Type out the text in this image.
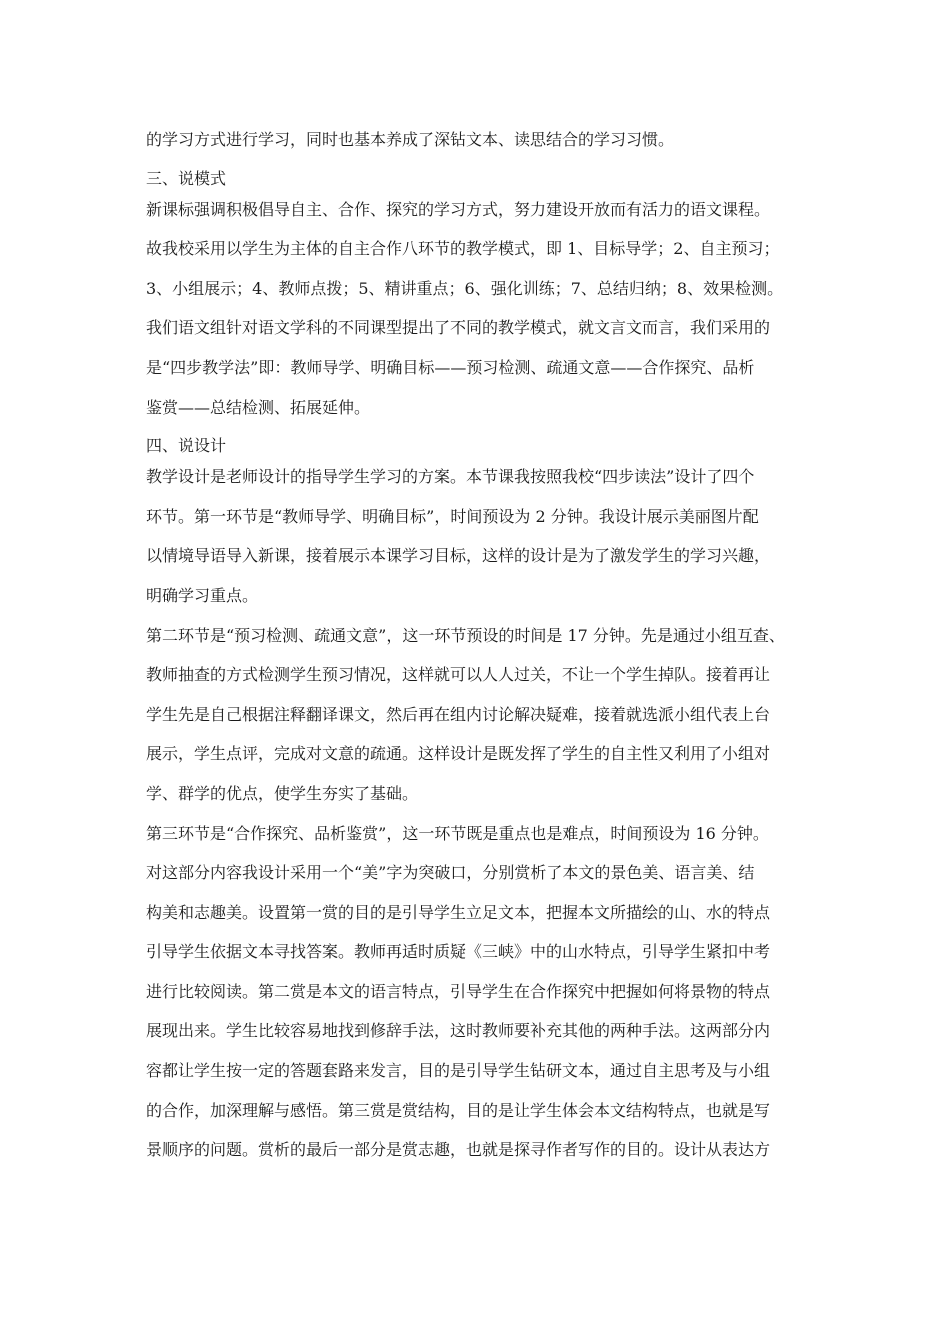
的学习方式进行学习，同时也基本养成了深钻文本、读思结合的学习习惯。
三、说模式
新课标强调积极倡导自主、合作、探究的学习方式，努力建设开放而有活力的语文课程。
故我校采用以学生为主体的自主合作八环节的教学模式，即 1、目标导学；2、自主预习；
3、小组展示；4、教师点拨；5、精讲重点；6、强化训练；7、总结归纳；8、效果检测。
我们语文组针对语文学科的不同课型提出了不同的教学模式，就文言文而言，我们采用的
是“四步教学法”即：教师导学、明确目标——预习检测、疏通文意——合作探究、品析
鉴赏——总结检测、拓展延伸。
四、说设计
教学设计是老师设计的指导学生学习的方案。本节课我按照我校“四步读法”设计了四个
环节。第一环节是“教师导学、明确目标”，时间预设为 2 分钟。我设计展示美丽图片配
以情境导语导入新课，接着展示本课学习目标，这样的设计是为了激发学生的学习兴趣，
明确学习重点。
第二环节是“预习检测、疏通文意”，这一环节预设的时间是 17 分钟。先是通过小组互查、
教师抽查的方式检测学生预习情况，这样就可以人人过关，不让一个学生掉队。接着再让
学生先是自己根据注释翻译课文，然后再在组内讨论解决疑难，接着就选派小组代表上台
展示，学生点评，完成对文意的疏通。这样设计是既发挥了学生的自主性又利用了小组对
学、群学的优点，使学生夯实了基础。
第三环节是“合作探究、品析鉴赏”，这一环节既是重点也是难点，时间预设为 16 分钟。
对这部分内容我设计采用一个“美”字为突破口，分别赏析了本文的景色美、语言美、结
构美和志趣美。设置第一赏的目的是引导学生立足文本，把握本文所描绘的山、水的特点
引导学生依据文本寻找答案。教师再适时质疑《三峡》中的山水特点，引导学生紧扣中考
进行比较阅读。第二赏是本文的语言特点，引导学生在合作探究中把握如何将景物的特点
展现出来。学生比较容易地找到修辞手法，这时教师要补充其他的两种手法。这两部分内
容都让学生按一定的答题套路来发言，目的是引导学生钻研文本，通过自主思考及与小组
的合作，加深理解与感悟。第三赏是赏结构，目的是让学生体会本文结构特点，也就是写
景顺序的问题。赏析的最后一部分是赏志趣，也就是探寻作者写作的目的。设计从表达方
